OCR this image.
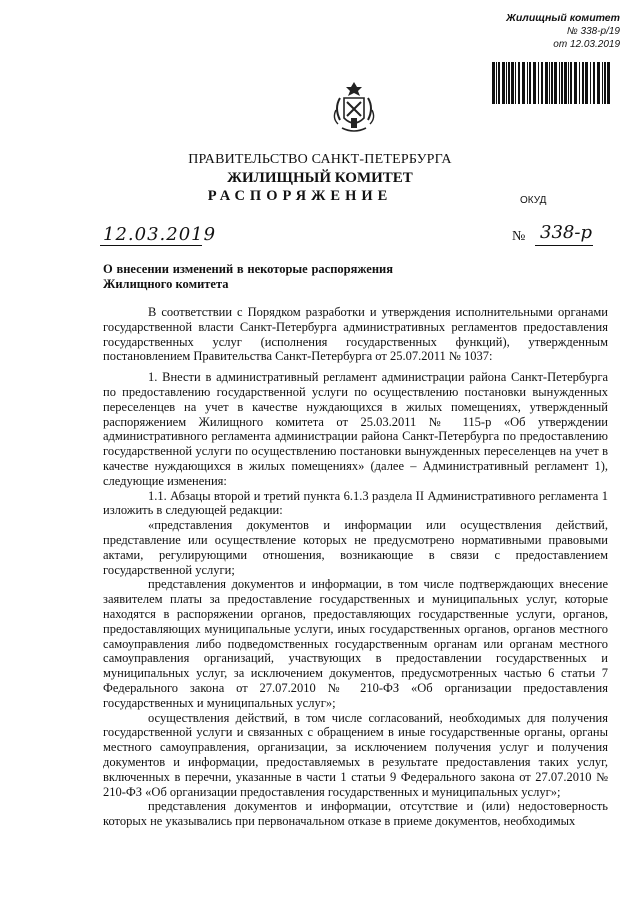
Жилищный комитет
№ 338-р/19
от 12.03.2019
ПРАВИТЕЛЬСТВО САНКТ-ПЕТЕРБУРГА
ЖИЛИЩНЫЙ КОМИТЕТ
РАСПОРЯЖЕНИЕ	ОКУД
12.03.2019	№ 338-р
О внесении изменений в некоторые распоряжения Жилищного комитета

В соответствии с Порядком разработки и утверждения исполнительными органами государственной власти Санкт-Петербурга административных регламентов предоставления государственных услуг (исполнения государственных функций), утвержденным постановлением Правительства Санкт-Петербурга от 25.07.2011 № 1037:

1. Внести в административный регламент администрации района Санкт-Петербурга по предоставлению государственной услуги по осуществлению постановки вынужденных переселенцев на учет в качестве нуждающихся в жилых помещениях, утвержденный распоряжением Жилищного комитета от 25.03.2011 № 115-р «Об утверждении административного регламента администрации района Санкт-Петербурга по предоставлению государственной услуги по осуществлению постановки вынужденных переселенцев на учет в качестве нуждающихся в жилых помещениях» (далее – Административный регламент 1), следующие изменения:

1.1. Абзацы второй и третий пункта 6.1.3 раздела II Административного регламента 1 изложить в следующей редакции:

«представления документов и информации или осуществления действий, представление или осуществление которых не предусмотрено нормативными правовыми актами, регулирующими отношения, возникающие в связи с предоставлением государственной услуги;

представления документов и информации, в том числе подтверждающих внесение заявителем платы за предоставление государственных и муниципальных услуг, которые находятся в распоряжении органов, предоставляющих государственные услуги, органов, предоставляющих муниципальные услуги, иных государственных органов, органов местного самоуправления либо подведомственных государственным органам или органам местного самоуправления организаций, участвующих в предоставлении государственных и муниципальных услуг, за исключением документов, предусмотренных частью 6 статьи 7 Федерального закона от 27.07.2010 № 210-ФЗ «Об организации предоставления государственных и муниципальных услуг»;

осуществления действий, в том числе согласований, необходимых для получения государственной услуги и связанных с обращением в иные государственные органы, органы местного самоуправления, организации, за исключением получения услуг и получения документов и информации, предоставляемых в результате предоставления таких услуг, включенных в перечни, указанные в части 1 статьи 9 Федерального закона от 27.07.2010 № 210-ФЗ «Об организации предоставления государственных и муниципальных услуг»;

представления документов и информации, отсутствие и (или) недостоверность которых не указывались при первоначальном отказе в приеме документов, необходимых
